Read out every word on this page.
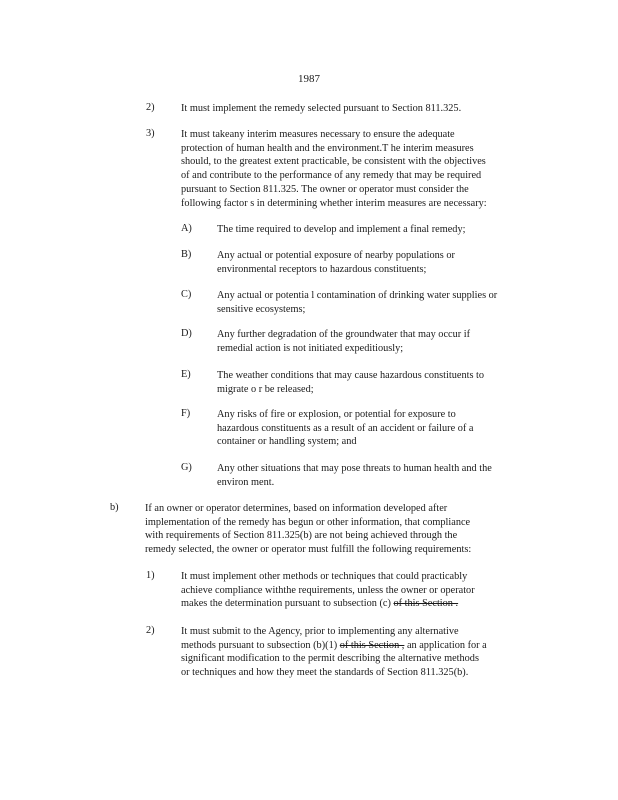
1987
2)	It must implement the remedy selected pursuant to Section 811.325.
3)	It must takeany interim measures necessary to ensure the adequate
protection of human health and the environment.T he interim measures
should, to the greatest extent practicable, be consistent with the objectives
of and contribute to the performance of any remedy that may be required
pursuant to Section 811.325. The owner or operator must consider the
following factor s in determining whether interim measures are necessary:
A) The time required to develop and implement a final remedy;
B) Any actual or potential exposure of nearby populations or
environmental receptors to hazardous constituents;
C) Any actual or potentia l contamination of drinking water supplies or
sensitive ecosystems;
D) Any further degradation of the groundwater that may occur if
remedial action is not initiated expeditiously;
E)	The weather conditions that may cause hazardous constituents to
migrate o r be released;
F)	Any risks of fire or explosion, or potential for exposure to
hazardous constituents as a result of an accident or failure of a
container or handling system; and
G) Any other situations that may pose threats to human health and the
environ ment.
b)	If an owner or operator determines, based on information developed after
implementation of the remedy has begun or other information, that compliance
with requirements of Section 811.325(b) are not being achieved through the
remedy selected, the owner or operator must fulfill the following requirements:
1)	It must implement other methods or techniques that could practicably
achieve compliance withthe requirements, unless the owner or operator
makes the determination pursuant to subsection (c) of this Section .
2)	It must submit to the Agency, prior to implementing any alternative
methods pursuant to subsection (b)(1) of this Section , an application for a
significant modification to the permit describing the alternative methods
or techniques and how they meet the standards of Section 811.325(b).
